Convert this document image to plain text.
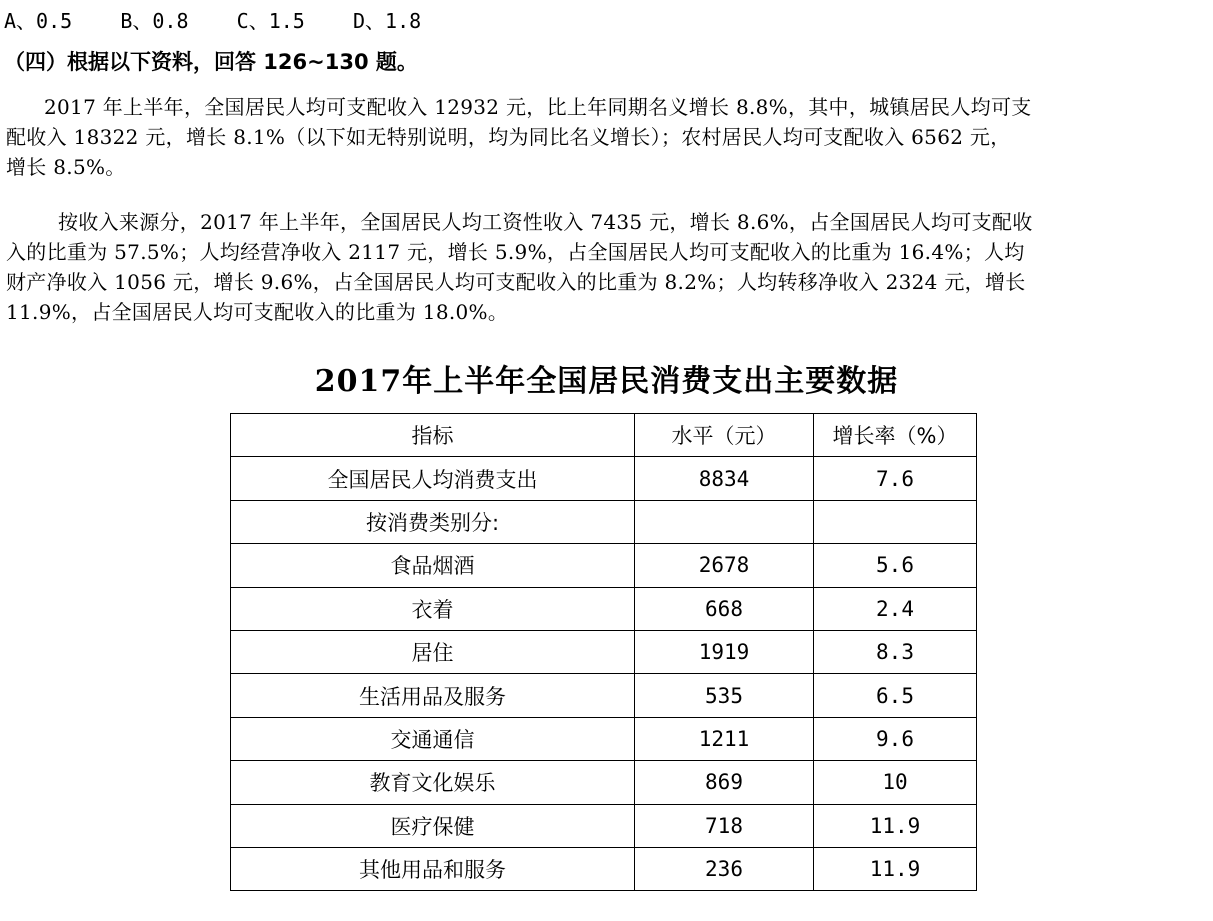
A、0.5    B、0.8    C、1.5    D、1.8
（四）根据以下资料，回答 126~130 题。
2017 年上半年，全国居民人均可支配收入 12932 元，比上年同期名义增长 8.8%，其中，城镇居民人均可支
配收入 18322 元，增长 8.1%（以下如无特别说明，均为同比名义增长）；农村居民人均可支配收入 6562 元，
增长 8.5%。
按收入来源分，2017 年上半年，全国居民人均工资性收入 7435 元，增长 8.6%，占全国居民人均可支配收
入的比重为 57.5%；人均经营净收入 2117 元，增长 5.9%，占全国居民人均可支配收入的比重为 16.4%；人均
财产净收入 1056 元，增长 9.6%，占全国居民人均可支配收入的比重为 8.2%；人均转移净收入 2324 元，增长
11.9%，占全国居民人均可支配收入的比重为 18.0%。
2017年上半年全国居民消费支出主要数据
指标	水平（元）	增长率（%）
全国居民人均消费支出	8834	7.6
按消费类别分:		
食品烟酒	2678	5.6
衣着	668	2.4
居住	1919	8.3
生活用品及服务	535	6.5
交通通信	1211	9.6
教育文化娱乐	869	10
医疗保健	718	11.9
其他用品和服务	236	11.9
